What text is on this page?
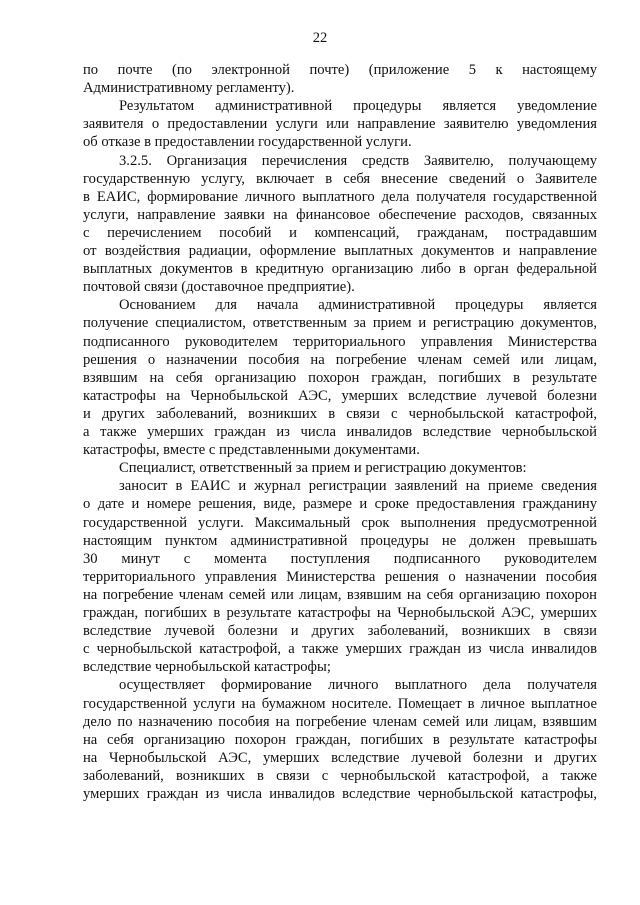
22
по почте (по электронной почте) (приложение 5 к настоящему
Административному регламенту).
Результатом административной процедуры является уведомление
заявителя о предоставлении услуги или направление заявителю уведомления
об отказе в предоставлении государственной услуги.
3.2.5. Организация перечисления средств Заявителю, получающему
государственную услугу, включает в себя внесение сведений о Заявителе
в ЕАИС, формирование личного выплатного дела получателя государственной
услуги, направление заявки на финансовое обеспечение расходов, связанных
с перечислением пособий и компенсаций, гражданам, пострадавшим
от воздействия радиации, оформление выплатных документов и направление
выплатных документов в кредитную организацию либо в орган федеральной
почтовой связи (доставочное предприятие).
Основанием для начала административной процедуры является
получение специалистом, ответственным за прием и регистрацию документов,
подписанного руководителем территориального управления Министерства
решения о назначении пособия на погребение членам семей или лицам,
взявшим на себя организацию похорон граждан, погибших в результате
катастрофы на Чернобыльской АЭС, умерших вследствие лучевой болезни
и других заболеваний, возникших в связи с чернобыльской катастрофой,
а также умерших граждан из числа инвалидов вследствие чернобыльской
катастрофы, вместе с представленными документами.
Специалист, ответственный за прием и регистрацию документов:
заносит в ЕАИС и журнал регистрации заявлений на приеме сведения
о дате и номере решения, виде, размере и сроке предоставления гражданину
государственной услуги. Максимальный срок выполнения предусмотренной
настоящим пунктом административной процедуры не должен превышать
30 минут с момента поступления подписанного руководителем
территориального управления Министерства решения о назначении пособия
на погребение членам семей или лицам, взявшим на себя организацию похорон
граждан, погибших в результате катастрофы на Чернобыльской АЭС, умерших
вследствие лучевой болезни и других заболеваний, возникших в связи
с чернобыльской катастрофой, а также умерших граждан из числа инвалидов
вследствие чернобыльской катастрофы;
осуществляет формирование личного выплатного дела получателя
государственной услуги на бумажном носителе. Помещает в личное выплатное
дело по назначению пособия на погребение членам семей или лицам, взявшим
на себя организацию похорон граждан, погибших в результате катастрофы
на Чернобыльской АЭС, умерших вследствие лучевой болезни и других
заболеваний, возникших в связи с чернобыльской катастрофой, а также
умерших граждан из числа инвалидов вследствие чернобыльской катастрофы,
